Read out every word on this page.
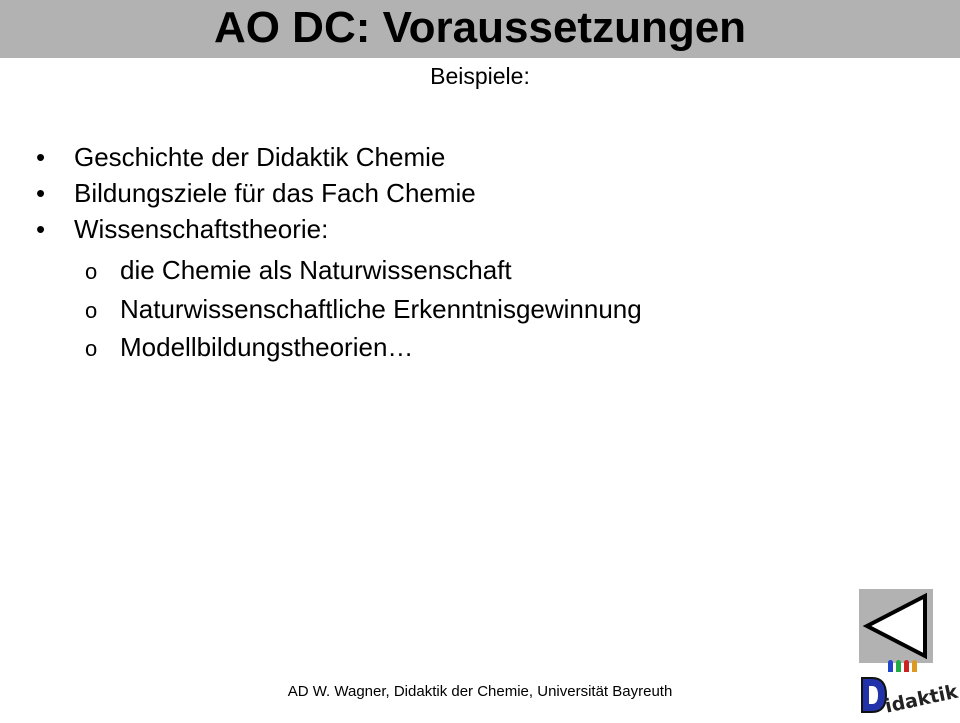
AO DC: Voraussetzungen
Beispiele:
• Geschichte der Didaktik Chemie
• Bildungsziele für das Fach Chemie
• Wissenschaftstheorie:
o die Chemie als Naturwissenschaft
o Naturwissenschaftliche Erkenntnisgewinnung
o Modellbildungstheorien…
idaktik
AD W. Wagner, Didaktik der Chemie, Universität Bayreuth
